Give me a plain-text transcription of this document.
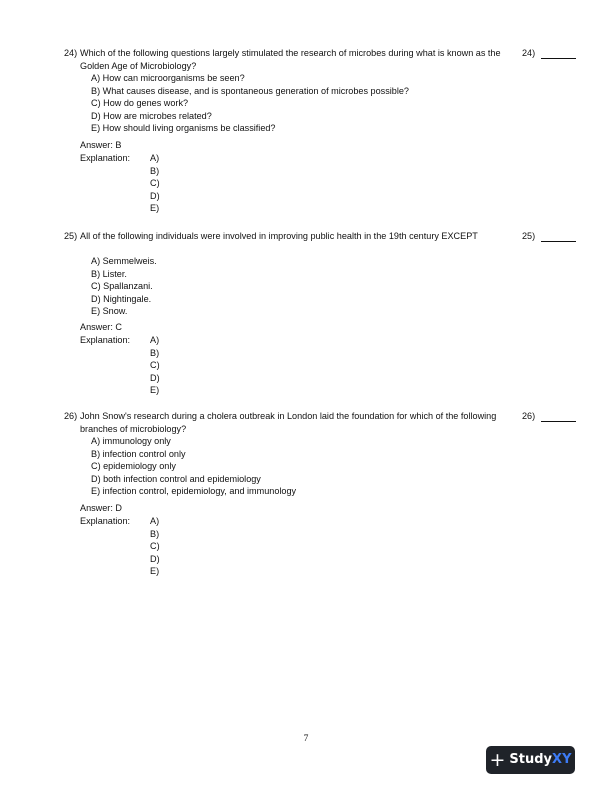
24) Which of the following questions largely stimulated the research of microbes during what is known as the Golden Age of Microbiology?
24)
A) How can microorganisms be seen?
B) What causes disease, and is spontaneous generation of microbes possible?
C) How do genes work?
D) How are microbes related?
E) How should living organisms be classified?
Answer: B
Explanation: A)
B)
C)
D)
E)
25) All of the following individuals were involved in improving public health in the 19th century EXCEPT	25)
A) Semmelweis.
B) Lister.
C) Spallanzani.
D) Nightingale.
E) Snow.
Answer: C
Explanation: A)
B)
C)
D)
E)
26) John Snow's research during a cholera outbreak in London laid the foundation for which of the following branches of microbiology?
26)
A) immunology only
B) infection control only
C) epidemiology only
D) both infection control and epidemiology
E) infection control, epidemiology, and immunology
Answer: D
Explanation: A)
B)
C)
D)
E)
7
+ Study XY
